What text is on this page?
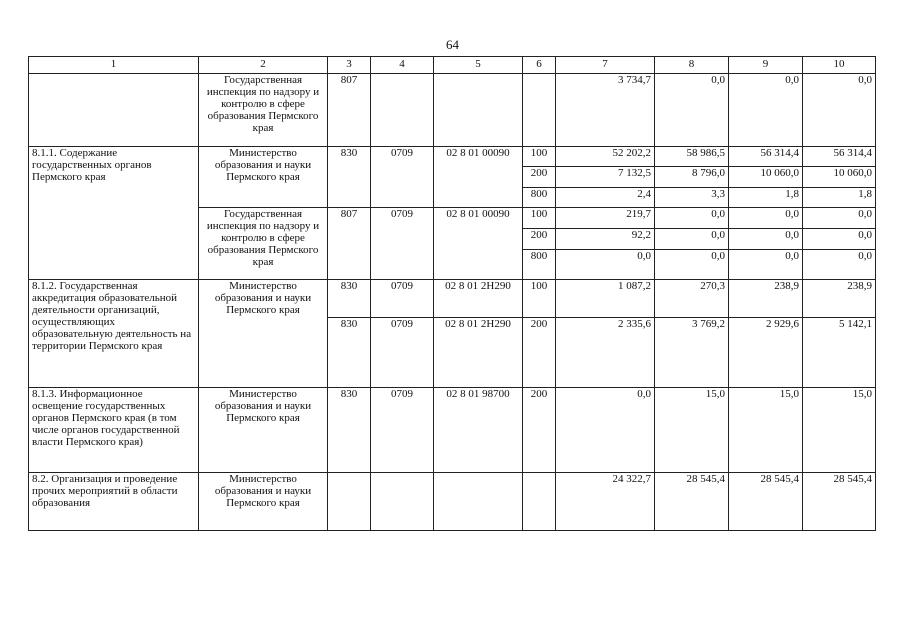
64
1	2	3	4	5	6	7	8	9	10
	Государственная инспекция по надзору и контролю в сфере образования Пермского края	807				3 734,7	0,0	0,0	0,0
8.1.1. Содержание государственных органов Пермского края	Министерство образования и науки Пермского края	830	0709	02 8 01 00090	100	52 202,2	58 986,5	56 314,4	56 314,4
					200	7 132,5	8 796,0	10 060,0	10 060,0
					800	2,4	3,3	1,8	1,8
	Государственная инспекция по надзору и контролю в сфере образования Пермского края	807	0709	02 8 01 00090	100	219,7	0,0	0,0	0,0
					200	92,2	0,0	0,0	0,0
					800	0,0	0,0	0,0	0,0
8.1.2. Государственная аккредитация образовательной деятельности организаций, осуществляющих образовательную деятельность на территории Пермского края	Министерство образования и науки Пермского края	830	0709	02 8 01 2Н290	100	1 087,2	270,3	238,9	238,9
		830	0709	02 8 01 2Н290	200	2 335,6	3 769,2	2 929,6	5 142,1
8.1.3. Информационное освещение государственных органов Пермского края (в том числе органов государственной власти Пермского края)	Министерство образования и науки Пермского края	830	0709	02 8 01 98700	200	0,0	15,0	15,0	15,0
8.2. Организация и проведение прочих мероприятий в области образования	Министерство образования и науки Пермского края					24 322,7	28 545,4	28 545,4	28 545,4
